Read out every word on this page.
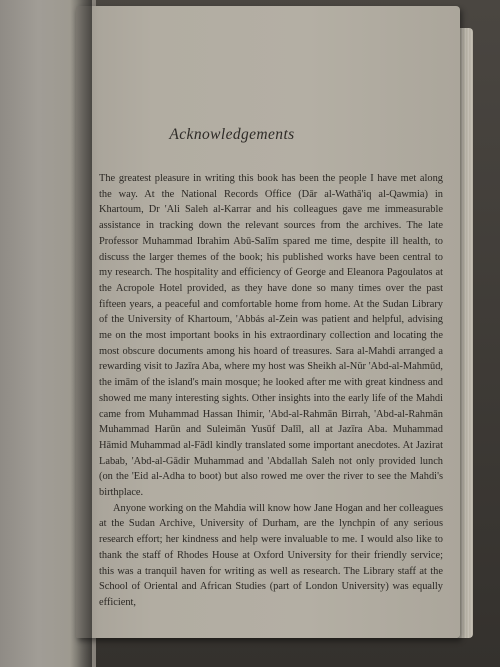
Acknowledgements

The greatest pleasure in writing this book has been the people I have met along the way. At the National Records Office (Dār al-Wathā'iq al-Qawmia) in Khartoum, Dr 'Ali Saleh al-Karrar and his colleagues gave me immeasurable assistance in tracking down the relevant sources from the archives. The late Professor Muhammad Ibrahim Abū-Salīm spared me time, despite ill health, to discuss the larger themes of the book; his published works have been central to my research. The hospitality and efficiency of George and Eleanora Pagoulatos at the Acropole Hotel provided, as they have done so many times over the past fifteen years, a peaceful and comfortable home from home. At the Sudan Library of the University of Khartoum, 'Abbás al-Zein was patient and helpful, advising me on the most important books in his extraordinary collection and locating the most obscure documents among his hoard of treasures. Sara al-Mahdi arranged a rewarding visit to Jazīra Aba, where my host was Sheikh al-Nūr 'Abd-al-Mahmūd, the imām of the island's main mosque; he looked after me with great kindness and showed me many interesting sights. Other insights into the early life of the Mahdi came from Muhammad Hassan Ihimir, 'Abd-al-Rahmān Birrah, 'Abd-al-Rahmān Muhammad Harūn and Suleimān Yusūf Dalīl, all at Jazīra Aba. Muhammad Hāmid Muhammad al-Fādl kindly translated some important anecdotes. At Jazirat Labab, 'Abd-al-Gādir Muhammad and 'Abdallah Saleh not only provided lunch (on the 'Eid al-Adha to boot) but also rowed me over the river to see the Mahdi's birthplace.

Anyone working on the Mahdia will know how Jane Hogan and her colleagues at the Sudan Archive, University of Durham, are the lynchpin of any serious research effort; her kindness and help were invaluable to me. I would also like to thank the staff of Rhodes House at Oxford University for their friendly service; this was a tranquil haven for writing as well as research. The Library staff at the School of Oriental and African Studies (part of London University) was equally efficient,
